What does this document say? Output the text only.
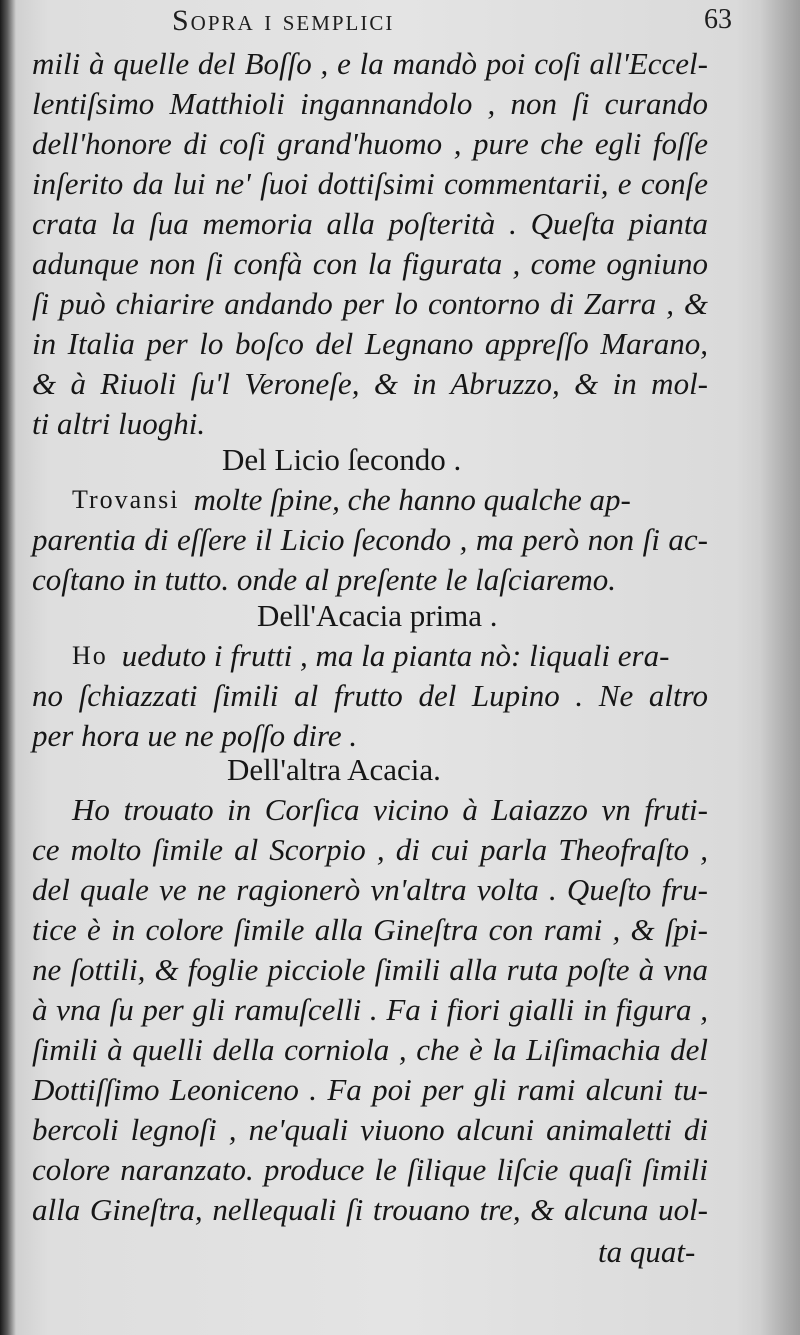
Sopra i semplici	63
mili à quelle del Boſſo , e la mandò poi coſi all'Eccel-
lentiſsimo Matthioli ingannandolo , non ſi curando
dell'honore di coſi grand'huomo , pure che egli foſſe
inſerito da lui ne' ſuoi dottiſsimi commentarii, e conſe
crata la ſua memoria alla poſterità . Queſta pianta
adunque non ſi confà con la figurata , come ogniuno
ſi può chiarire andando per lo contorno di Zarra , &
in Italia per lo boſco del Legnano appreſſo Marano,
& à Riuoli ſu'l Veroneſe, & in Abruzzo, & in mol-
ti altri luoghi.
Del Licio ſecondo .
Trovansi molte ſpine, che hanno qualche ap-
parentia di eſſere il Licio ſecondo , ma però non ſi ac-
coſtano in tutto. onde al preſente le laſciaremo.
Dell'Acacia prima .
Ho ueduto i frutti , ma la pianta nò: liquali era-
no ſchiazzati ſimili al frutto del Lupino . Ne altro
per hora ue ne poſſo dire .
Dell'altra Acacia.
Ho trouato in Corſica vicino à Laiazzo vn fruti-
ce molto ſimile al Scorpio , di cui parla Theofraſto ,
del quale ve ne ragionerò vn'altra volta . Queſto fru-
tice è in colore ſimile alla Gineſtra con rami , & ſpi-
ne ſottili, & foglie picciole ſimili alla ruta poſte à vna
à vna ſu per gli ramuſcelli . Fa i fiori gialli in figura ,
ſimili à quelli della corniola , che è la Liſimachia del
Dottiſſimo Leoniceno . Fa poi per gli rami alcuni tu-
bercoli legnoſi , ne'quali viuono alcuni animaletti di
colore naranzato. produce le ſilique liſcie quaſi ſimili
alla Gineſtra, nellequali ſi trouano tre, & alcuna uol-
ta quat-
